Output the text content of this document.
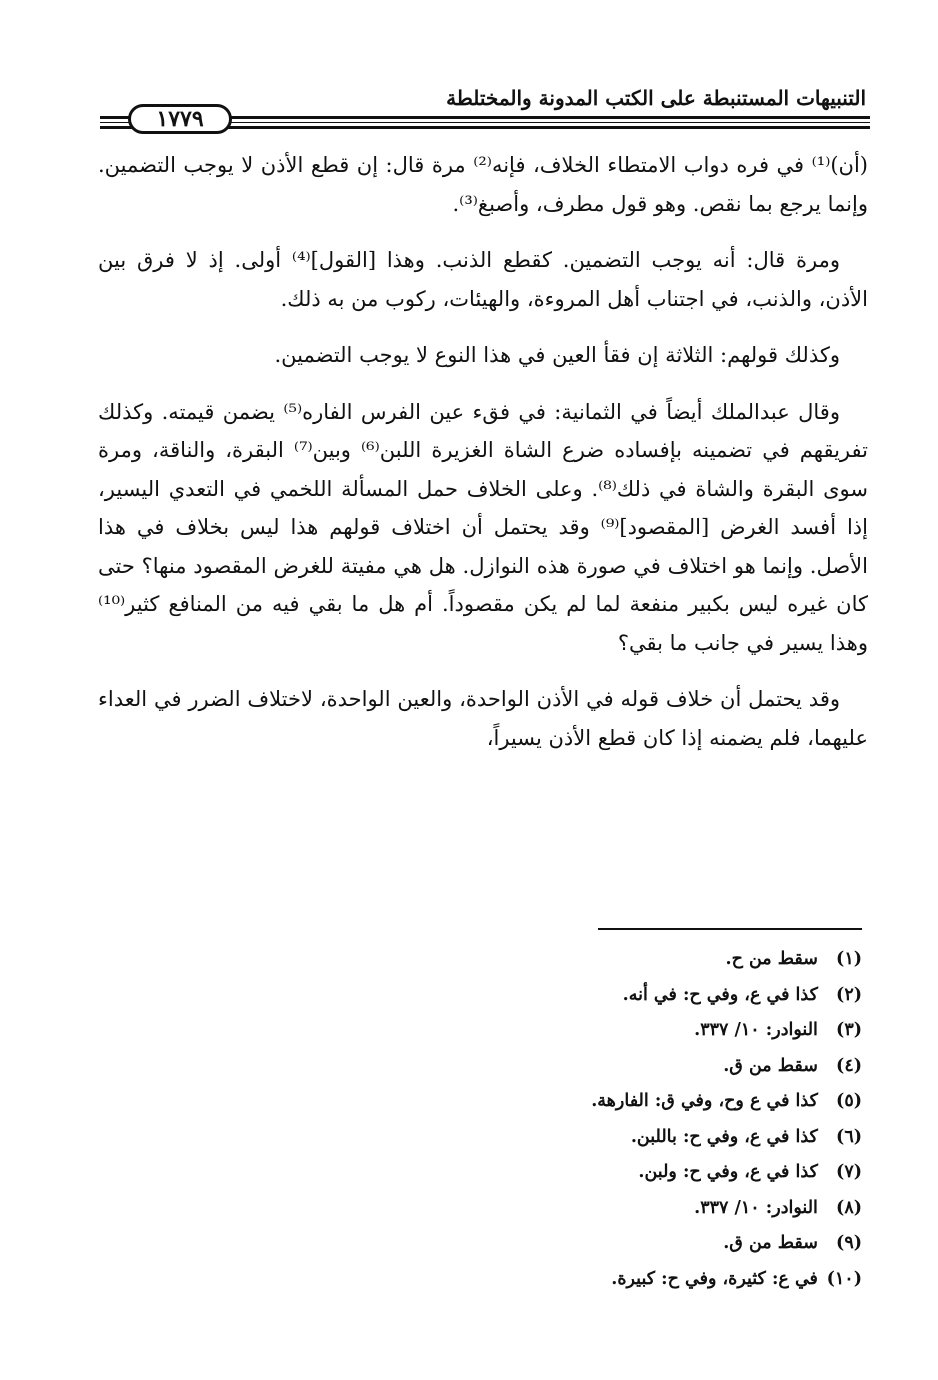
التنبيهات المستنبطة على الكتب المدونة والمختلطة
١٧٧٩

(أن)⁽¹⁾ في فره دواب الامتطاء الخلاف، فإنه⁽²⁾ مرة قال: إن قطع الأذن لا يوجب التضمين. وإنما يرجع بما نقص. وهو قول مطرف، وأصبغ⁽³⁾.

ومرة قال: أنه يوجب التضمين. كقطع الذنب. وهذا [القول]⁽⁴⁾ أولى. إذ لا فرق بين الأذن، والذنب، في اجتناب أهل المروءة، والهيئات، ركوب من به ذلك.

وكذلك قولهم: الثلاثة إن فقأ العين في هذا النوع لا يوجب التضمين.

وقال عبدالملك أيضاً في الثمانية: في فقء عين الفرس الفاره⁽⁵⁾ يضمن قيمته. وكذلك تفريقهم في تضمينه بإفساده ضرع الشاة الغزيرة اللبن⁽⁶⁾ وبين⁽⁷⁾ البقرة، والناقة، ومرة سوى البقرة والشاة في ذلك⁽⁸⁾. وعلى الخلاف حمل المسألة اللخمي في التعدي اليسير، إذا أفسد الغرض [المقصود]⁽⁹⁾ وقد يحتمل أن اختلاف قولهم هذا ليس بخلاف في هذا الأصل. وإنما هو اختلاف في صورة هذه النوازل. هل هي مفيتة للغرض المقصود منها؟ حتى كان غيره ليس بكبير منفعة لما لم يكن مقصوداً. أم هل ما بقي فيه من المنافع كثير⁽¹⁰⁾ وهذا يسير في جانب ما بقي؟

وقد يحتمل أن خلاف قوله في الأذن الواحدة، والعين الواحدة، لاختلاف الضرر في العداء عليهما، فلم يضمنه إذا كان قطع الأذن يسيراً،

(١) سقط من ح.
(٢) كذا في ع، وفي ح: في أنه.
(٣) النوادر: ١٠/ ٣٣٧.
(٤) سقط من ق.
(٥) كذا في ع وح، وفي ق: الفارهة.
(٦) كذا في ع، وفي ح: باللبن.
(٧) كذا في ع، وفي ح: ولبن.
(٨) النوادر: ١٠/ ٣٣٧.
(٩) سقط من ق.
(١٠) في ع: كثيرة، وفي ح: كبيرة.
